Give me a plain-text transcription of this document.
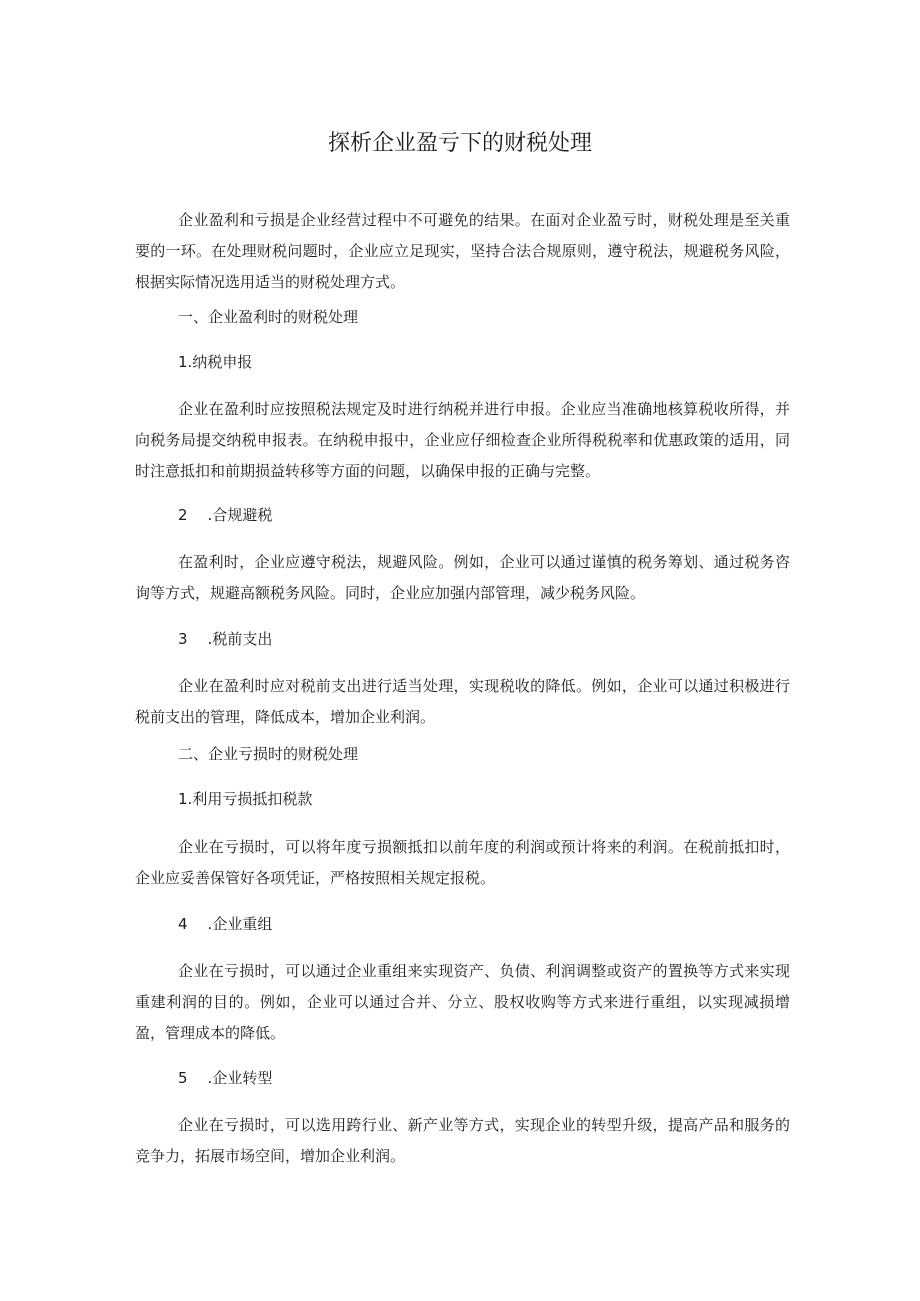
探析企业盈亏下的财税处理

企业盈利和亏损是企业经营过程中不可避免的结果。在面对企业盈亏时，财税处理是至关重要的一环。在处理财税问题时，企业应立足现实，坚持合法合规原则，遵守税法，规避税务风险，根据实际情况选用适当的财税处理方式。

一、企业盈利时的财税处理

1.纳税申报

企业在盈利时应按照税法规定及时进行纳税并进行申报。企业应当准确地核算税收所得，并向税务局提交纳税申报表。在纳税申报中，企业应仔细检查企业所得税税率和优惠政策的适用，同时注意抵扣和前期损益转移等方面的问题，以确保申报的正确与完整。

2 .合规避税

在盈利时，企业应遵守税法，规避风险。例如，企业可以通过谨慎的税务筹划、通过税务咨询等方式，规避高额税务风险。同时，企业应加强内部管理，减少税务风险。

3 .税前支出

企业在盈利时应对税前支出进行适当处理，实现税收的降低。例如，企业可以通过积极进行税前支出的管理，降低成本，增加企业利润。

二、企业亏损时的财税处理

1.利用亏损抵扣税款

企业在亏损时，可以将年度亏损额抵扣以前年度的利润或预计将来的利润。在税前抵扣时，企业应妥善保管好各项凭证，严格按照相关规定报税。

4 .企业重组

企业在亏损时，可以通过企业重组来实现资产、负债、利润调整或资产的置换等方式来实现重建利润的目的。例如，企业可以通过合并、分立、股权收购等方式来进行重组，以实现减损增盈，管理成本的降低。

5 .企业转型

企业在亏损时，可以选用跨行业、新产业等方式，实现企业的转型升级，提高产品和服务的竞争力，拓展市场空间，增加企业利润。
